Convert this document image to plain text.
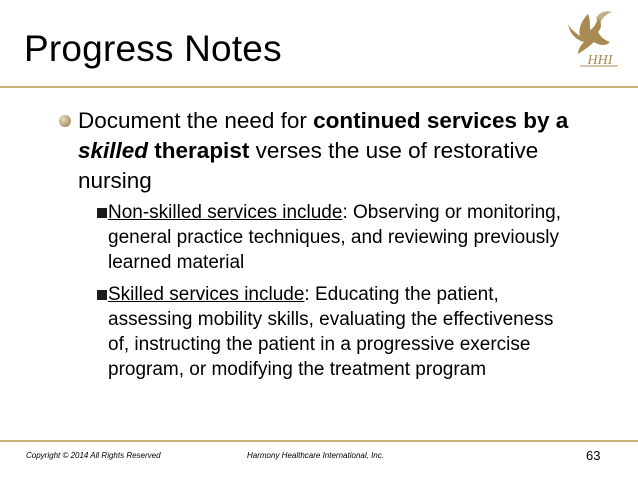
Progress Notes	HHI
Document the need for continued services by a skilled therapist verses the use of restorative nursing
Non-skilled services include: Observing or monitoring, general practice techniques, and reviewing previously learned material
Skilled services include: Educating the patient, assessing mobility skills, evaluating the effectiveness of, instructing the patient in a progressive exercise program, or modifying the treatment program
Copyright © 2014 All Rights Reserved	Harmony Healthcare International, Inc.	63
